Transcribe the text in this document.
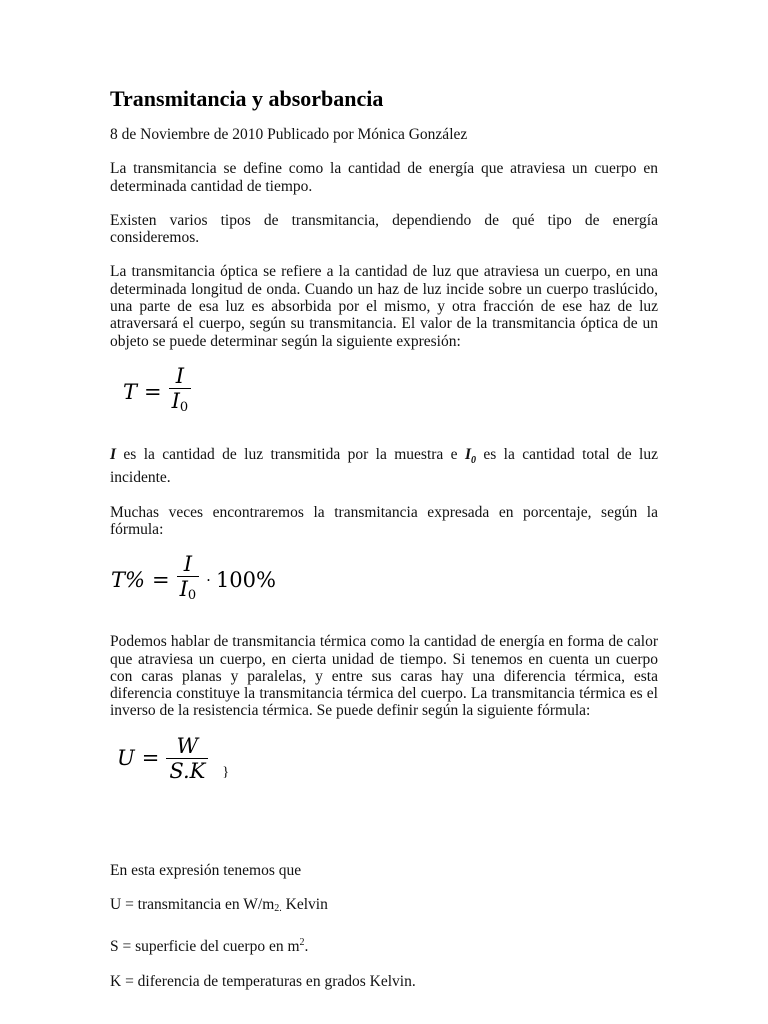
Transmitancia y absorbancia

8 de Noviembre de 2010 Publicado por Mónica González

La transmitancia se define como la cantidad de energía que atraviesa un cuerpo en determinada cantidad de tiempo.

Existen varios tipos de transmitancia, dependiendo de qué tipo de energía consideremos.

La transmitancia óptica se refiere a la cantidad de luz que atraviesa un cuerpo, en una determinada longitud de onda. Cuando un haz de luz incide sobre un cuerpo traslúcido, una parte de esa luz es absorbida por el mismo, y otra fracción de ese haz de luz atraversará el cuerpo, según su transmitancia. El valor de la transmitancia óptica de un objeto se puede determinar según la siguiente expresión:

$T = \frac{I}{I_0}$

I es la cantidad de luz transmitida por la muestra e $I_0$ es la cantidad total de luz incidente.

Muchas veces encontraremos la transmitancia expresada en porcentaje, según la fórmula:

$T\% = \frac{I}{I_0} \cdot 100\%$

Podemos hablar de transmitancia térmica como la cantidad de energía en forma de calor que atraviesa un cuerpo, en cierta unidad de tiempo. Si tenemos en cuenta un cuerpo con caras planas y paralelas, y entre sus caras hay una diferencia térmica, esta diferencia constituye la transmitancia térmica del cuerpo. La transmitancia térmica es el inverso de la resistencia térmica. Se puede definir según la siguiente fórmula:

$U = \frac{W}{S.K}$ }

En esta expresión tenemos que

U = transmitancia en W/m2. Kelvin

S = superficie del cuerpo en $m^2$.

K = diferencia de temperaturas en grados Kelvin.
